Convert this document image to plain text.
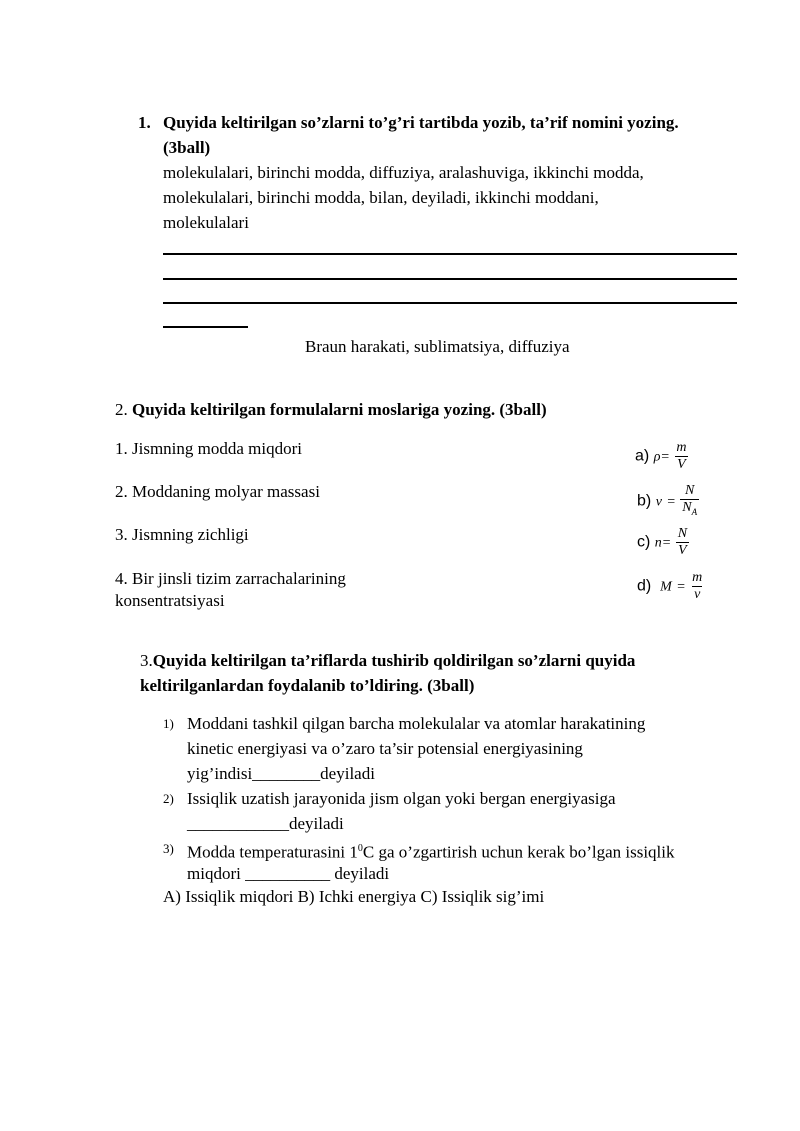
1. Quyida keltirilgan so’zlarni to’g’ri tartibda yozib, ta’rif nomini yozing.
(3ball)
molekulalari, birinchi modda, diffuziya, aralashuviga, ikkinchi modda,
molekulalari, birinchi modda, bilan, deyiladi, ikkinchi moddani,
molekulalari
Braun harakati, sublimatsiya, diffuziya
2. Quyida keltirilgan formulalarni moslariga yozing. (3ball)
1. Jismning modda miqdori
2. Moddaning molyar massasi
3. Jismning zichligi
4. Bir jinsli tizim zarrachalarining
konsentratsiyasi
a) $\rho= \frac{m}{V}$
b) $\nu = \frac{N}{N_A}$
c) $n= \frac{N}{V}$
d) $M = \frac{m}{\nu}$
3.Quyida keltirilgan ta’riflarda tushirib qoldirilgan so’zlarni quyida
keltirilganlardan foydalanib to’ldiring. (3ball)
1) Moddani tashkil qilgan barcha molekulalar va atomlar harakatining
kinetic energiyasi va o’zaro ta’sir potensial energiyasining
yig’indisi________deyiladi
2) Issiqlik uzatish jarayonida jism olgan yoki bergan energiyasiga
____________deyiladi
3) Modda temperaturasini $1^0C$ ga o’zgartirish uchun kerak bo’lgan issiqlik
miqdori __________ deyiladi
A) Issiqlik miqdori B) Ichki energiya C) Issiqlik sig’imi
